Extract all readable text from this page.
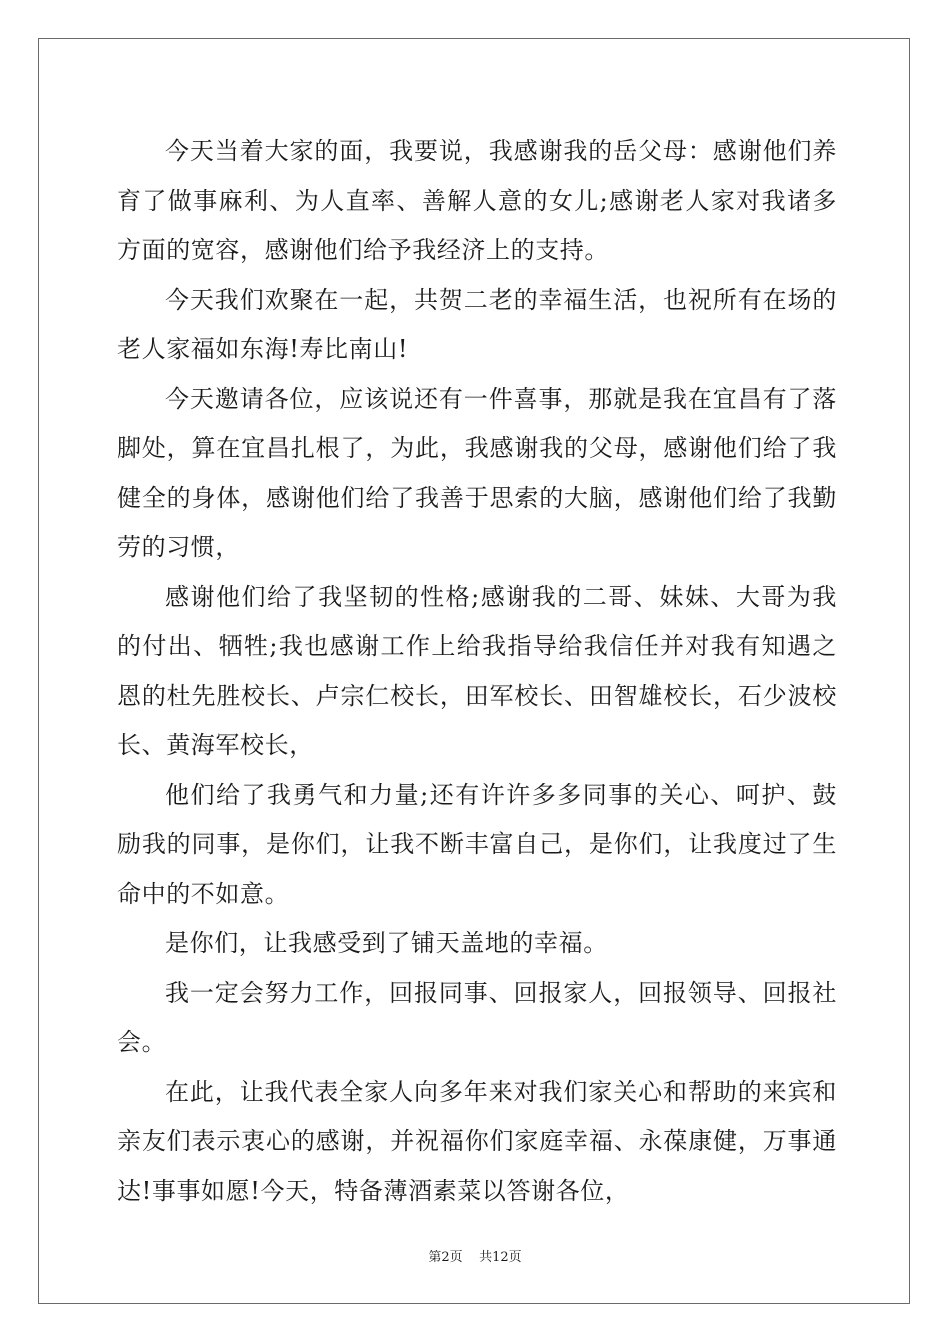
今天当着大家的面，我要说，我感谢我的岳父母：感谢他们养育了做事麻利、为人直率、善解人意的女儿;感谢老人家对我诸多方面的宽容，感谢他们给予我经济上的支持。

今天我们欢聚在一起，共贺二老的幸福生活，也祝所有在场的老人家福如东海!寿比南山!

今天邀请各位，应该说还有一件喜事，那就是我在宜昌有了落脚处，算在宜昌扎根了，为此，我感谢我的父母，感谢他们给了我健全的身体，感谢他们给了我善于思索的大脑，感谢他们给了我勤劳的习惯，

感谢他们给了我坚韧的性格;感谢我的二哥、妹妹、大哥为我的付出、牺牲;我也感谢工作上给我指导给我信任并对我有知遇之恩的杜先胜校长、卢宗仁校长，田军校长、田智雄校长，石少波校长、黄海军校长，

他们给了我勇气和力量;还有许许多多同事的关心、呵护、鼓励我的同事，是你们，让我不断丰富自己，是你们，让我度过了生命中的不如意。

是你们，让我感受到了铺天盖地的幸福。

我一定会努力工作，回报同事、回报家人，回报领导、回报社会。

在此，让我代表全家人向多年来对我们家关心和帮助的来宾和亲友们表示衷心的感谢，并祝福你们家庭幸福、永葆康健，万事通达!事事如愿!今天，特备薄酒素菜以答谢各位，

第2页 共12页
